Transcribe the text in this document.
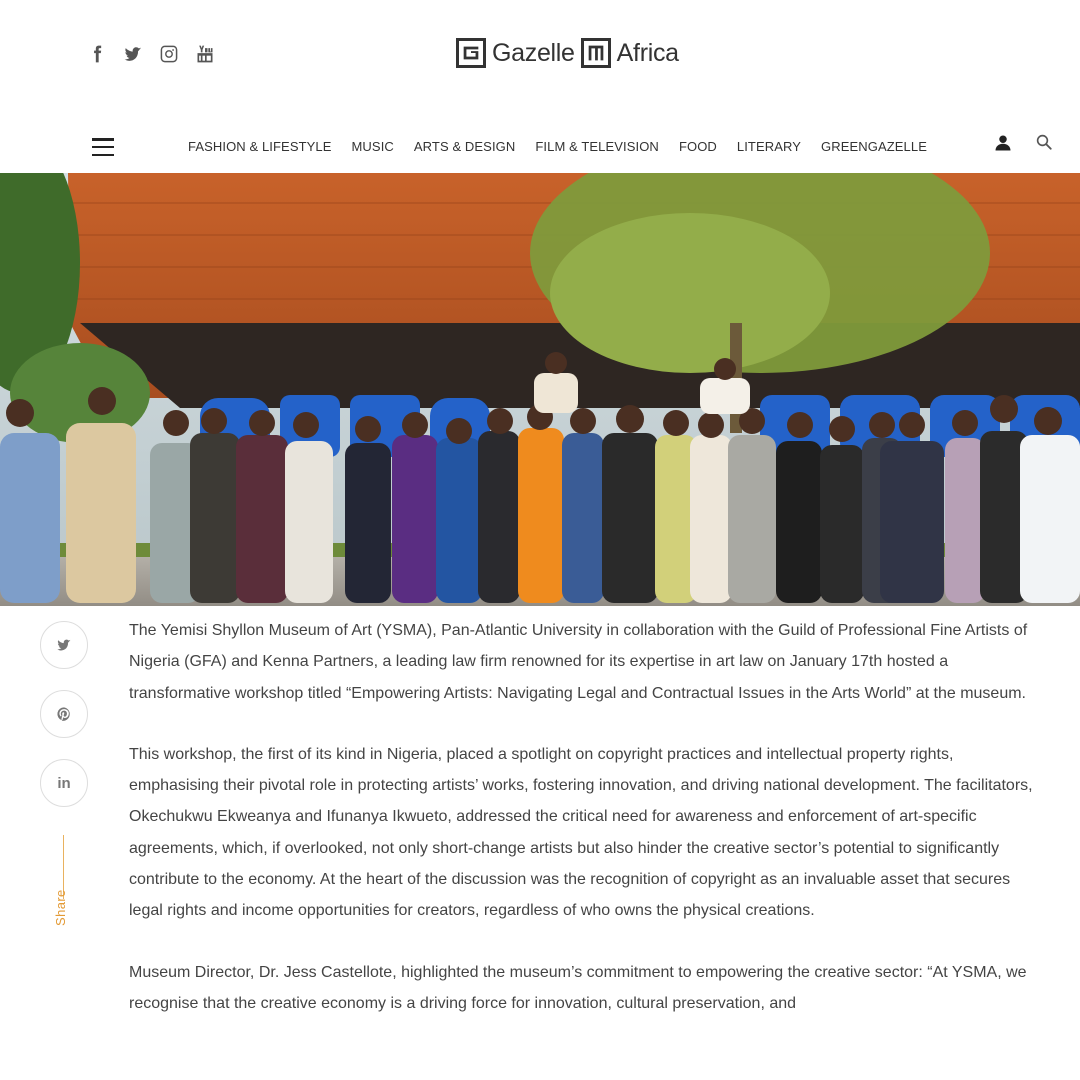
Gazelle Africa
FASHION & LIFESTYLE MUSIC ARTS & DESIGN FILM & TELEVISION FOOD LITERARY GREENGAZELLE
in
Share

The Yemisi Shyllon Museum of Art (YSMA), Pan-Atlantic University in collaboration with the Guild of Professional Fine Artists of Nigeria (GFA) and Kenna Partners, a leading law firm renowned for its expertise in art law on January 17th hosted a transformative workshop titled “Empowering Artists: Navigating Legal and Contractual Issues in the Arts World” at the museum.

This workshop, the first of its kind in Nigeria, placed a spotlight on copyright practices and intellectual property rights, emphasising their pivotal role in protecting artists’ works, fostering innovation, and driving national development. The facilitators, Okechukwu Ekweanya and Ifunanya Ikwueto, addressed the critical need for awareness and enforcement of art-specific agreements, which, if overlooked, not only short-change artists but also hinder the creative sector’s potential to significantly contribute to the economy. At the heart of the discussion was the recognition of copyright as an invaluable asset that secures legal rights and income opportunities for creators, regardless of who owns the physical creations.

Museum Director, Dr. Jess Castellote, highlighted the museum’s commitment to empowering the creative sector: “At YSMA, we recognise that the creative economy is a driving force for innovation, cultural preservation, and
